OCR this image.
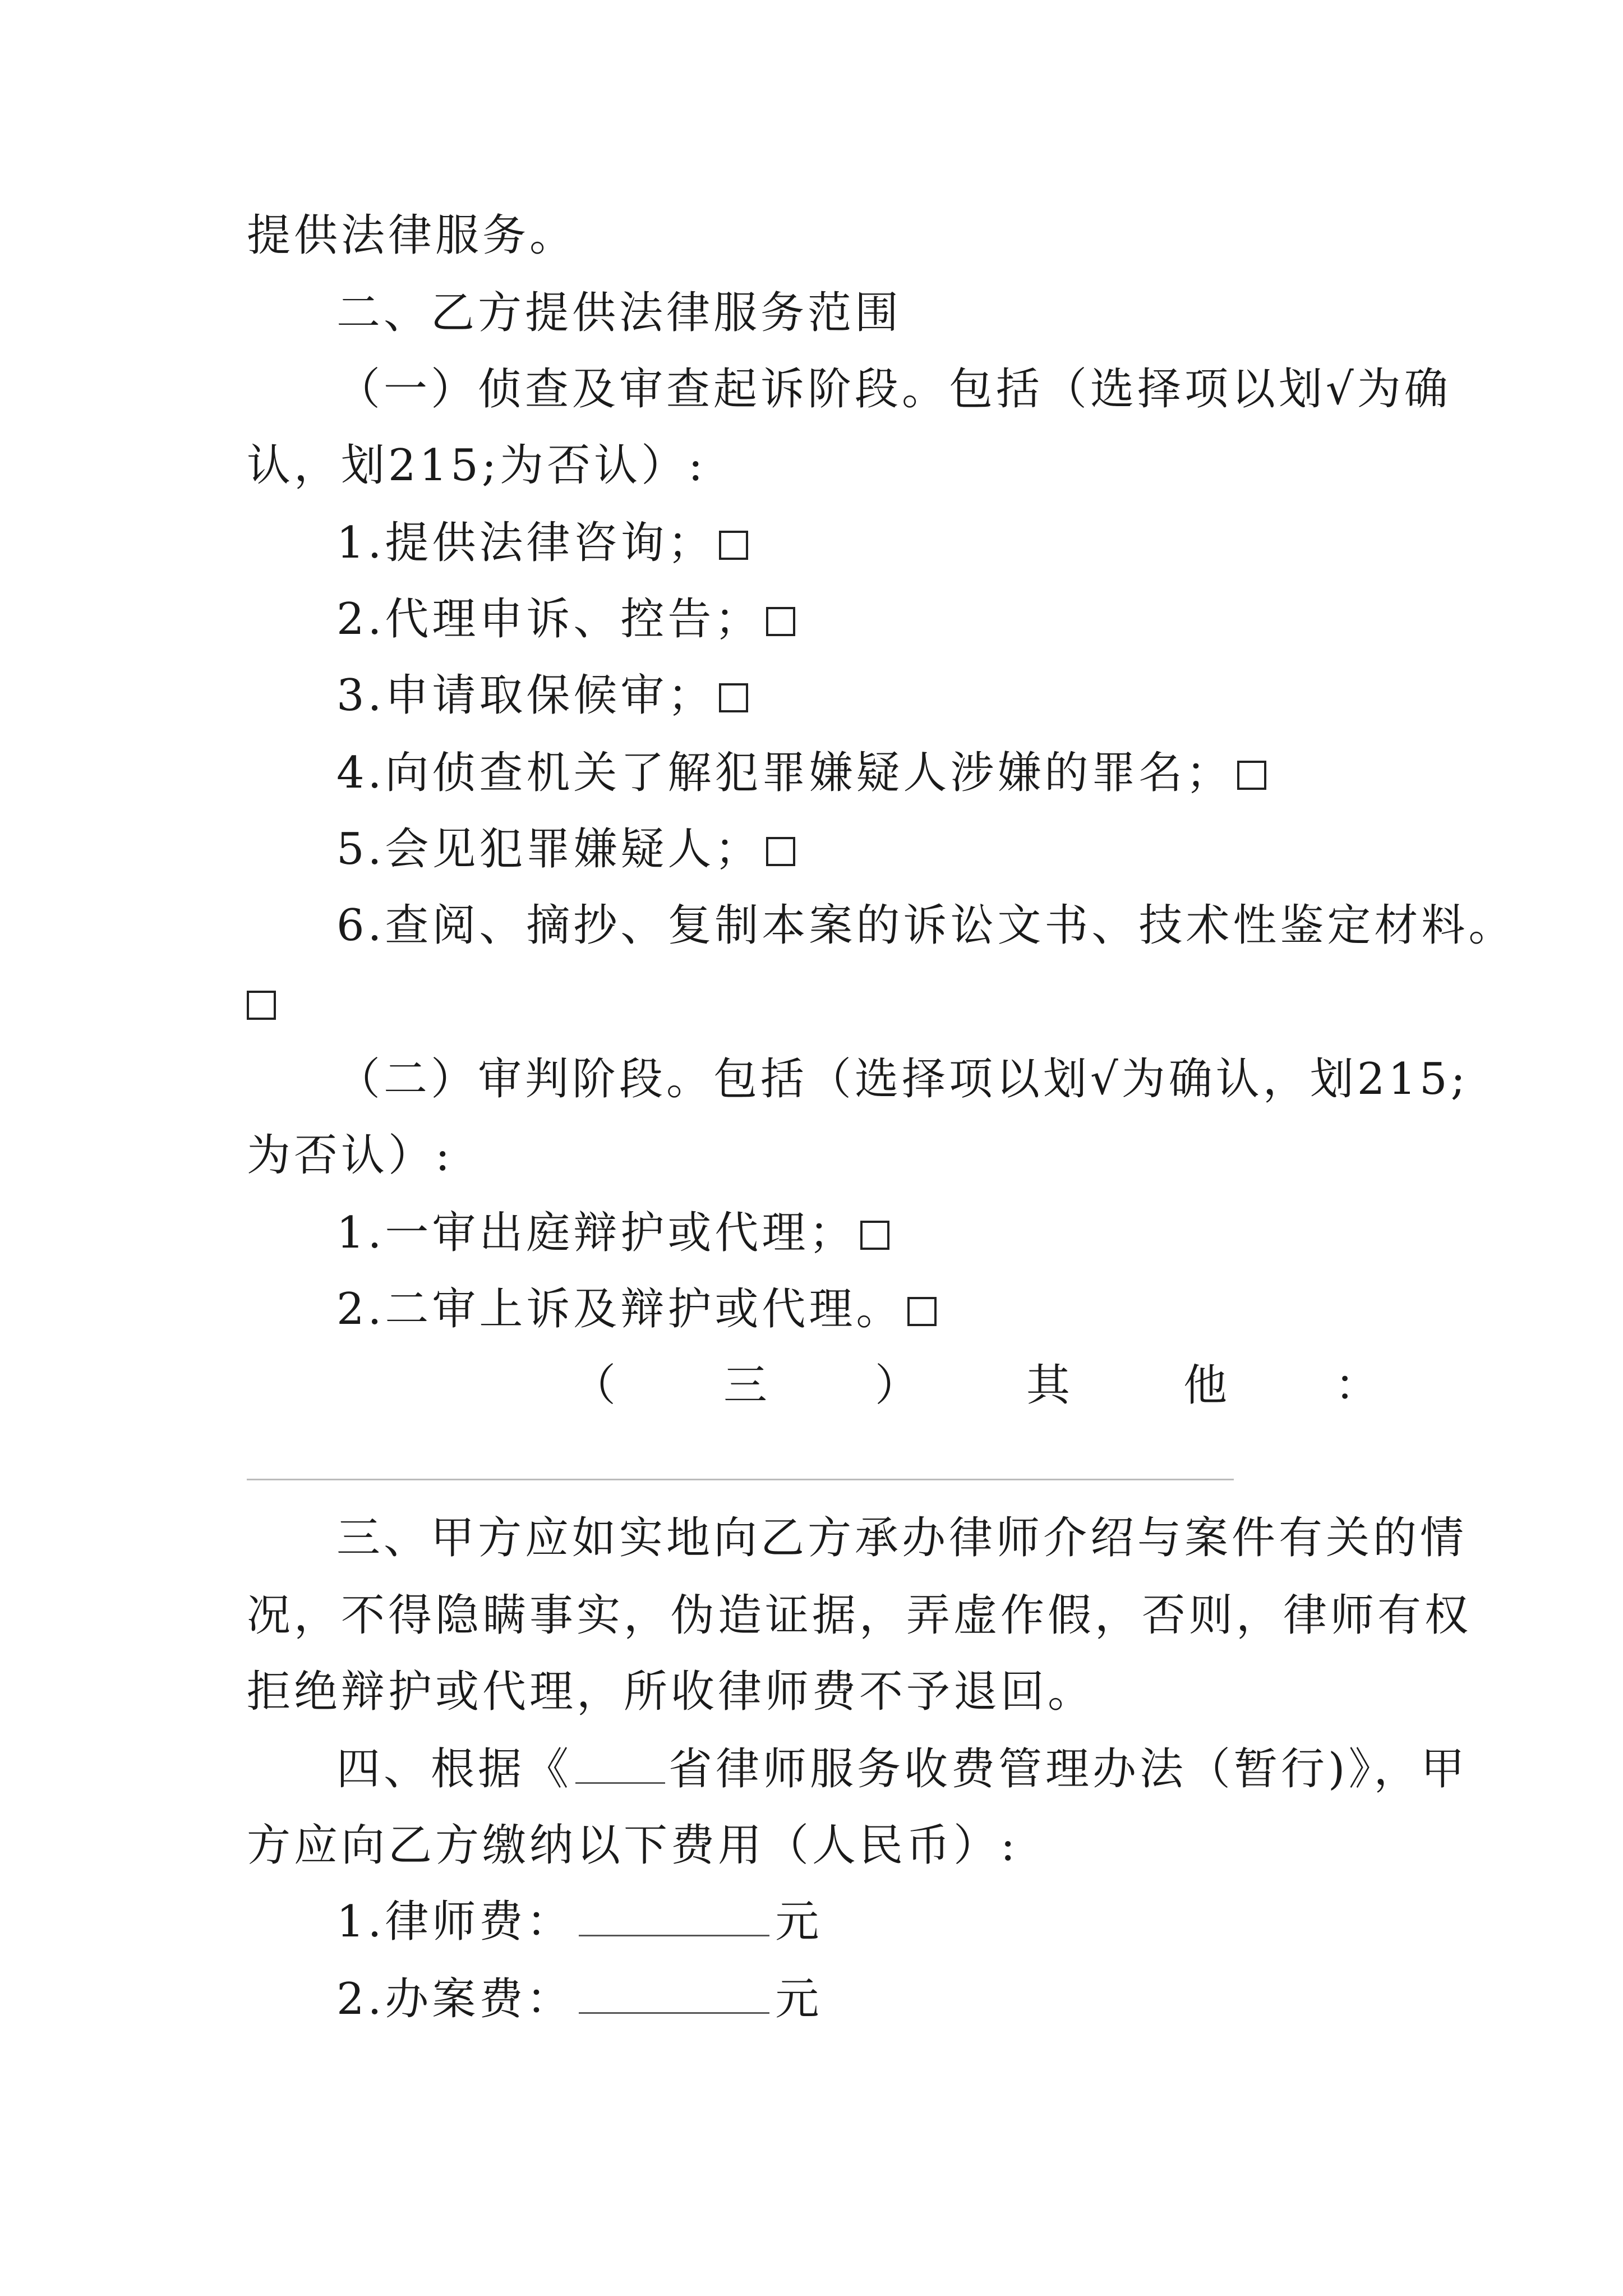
提供法律服务。
二、乙方提供法律服务范围
（一）侦查及审查起诉阶段。包括（选择项以划√为确
认，划215;为否认）:
1.提供法律咨询；
2.代理申诉、控告；
3.申请取保候审；
4.向侦查机关了解犯罪嫌疑人涉嫌的罪名；
5.会见犯罪嫌疑人；
6.查阅、摘抄、复制本案的诉讼文书、技术性鉴定材料。
（二）审判阶段。包括（选择项以划√为确认，划215;
为否认）:
1.一审出庭辩护或代理；
2.二审上诉及辩护或代理。
（ 三 ） 其	他 ：
三、甲方应如实地向乙方承办律师介绍与案件有关的情
况，不得隐瞒事实，伪造证据，弄虚作假，否则，律师有权
拒绝辩护或代理，所收律师费不予退回。
四、根据《 省律师服务收费管理办法（暂行)》，甲
方应向乙方缴纳以下费用（人民币）:
1.律师费：	元
2.办案费：	元
